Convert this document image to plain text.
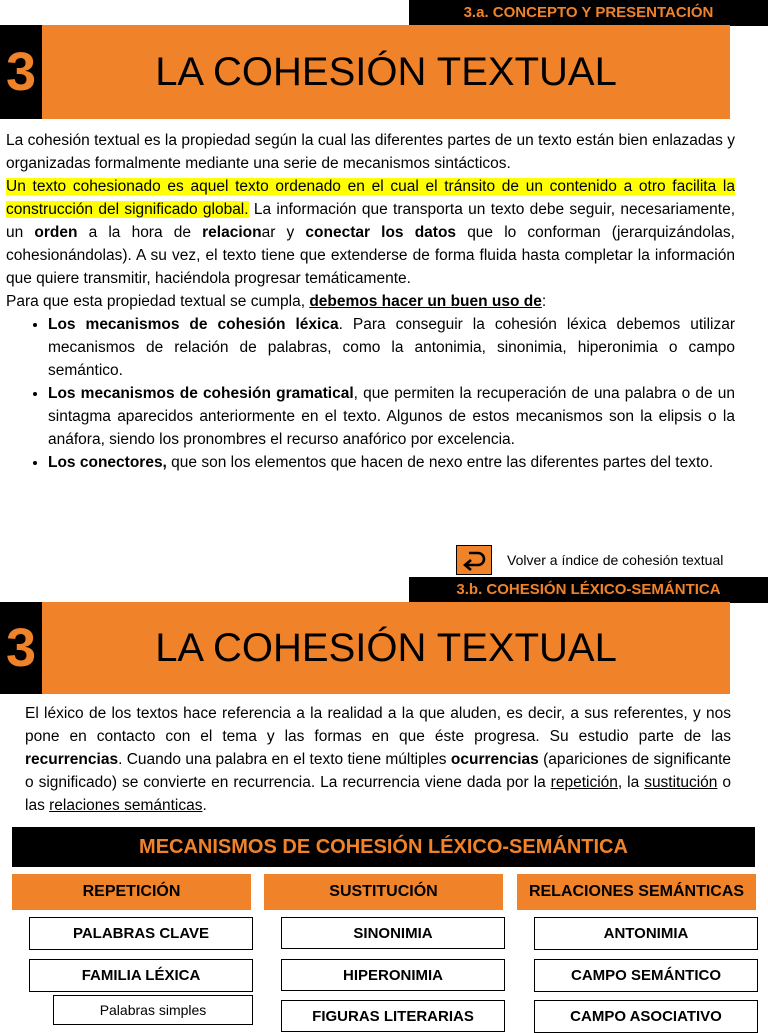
3.a. CONCEPTO Y PRESENTACIÓN
3	LA COHESIÓN TEXTUAL

La cohesión textual es la propiedad según la cual las diferentes partes de un texto están bien enlazadas y organizadas formalmente mediante una serie de mecanismos sintácticos.

Un texto cohesionado es aquel texto ordenado en el cual el tránsito de un contenido a otro facilita la construcción del significado global. La información que transporta un texto debe seguir, necesariamente, un orden a la hora de relacionar y conectar los datos que lo conforman (jerarquizándolas, cohesionándolas). A su vez, el texto tiene que extenderse de forma fluida hasta completar la información que quiere transmitir, haciéndola progresar temáticamente.

Para que esta propiedad textual se cumpla, debemos hacer un buen uso de:

• Los mecanismos de cohesión léxica. Para conseguir la cohesión léxica debemos utilizar mecanismos de relación de palabras, como la antonimia, sinonimia, hiperonimia o campo semántico.
• Los mecanismos de cohesión gramatical, que permiten la recuperación de una palabra o de un sintagma aparecidos anteriormente en el texto. Algunos de estos mecanismos son la elipsis o la anáfora, siendo los pronombres el recurso anafórico por excelencia.
• Los conectores, que son los elementos que hacen de nexo entre las diferentes partes del texto.
Volver a índice de cohesión textual
3.b. COHESIÓN LÉXICO-SEMÁNTICA
3	LA COHESIÓN TEXTUAL

El léxico de los textos hace referencia a la realidad a la que aluden, es decir, a sus referentes, y nos pone en contacto con el tema y las formas en que éste progresa. Su estudio parte de las recurrencias. Cuando una palabra en el texto tiene múltiples ocurrencias (apariciones de significante o significado) se convierte en recurrencia. La recurrencia viene dada por la repetición, la sustitución o las relaciones semánticas.

MECANISMOS DE COHESIÓN LÉXICO-SEMÁNTICA
REPETICIÓN
PALABRAS CLAVE
FAMILIA LÉXICA
Palabras simples
SUSTITUCIÓN
SINONIMIA
HIPERONIMIA
FIGURAS LITERARIAS
RELACIONES SEMÁNTICAS
ANTONIMIA
CAMPO SEMÁNTICO
CAMPO ASOCIATIVO
